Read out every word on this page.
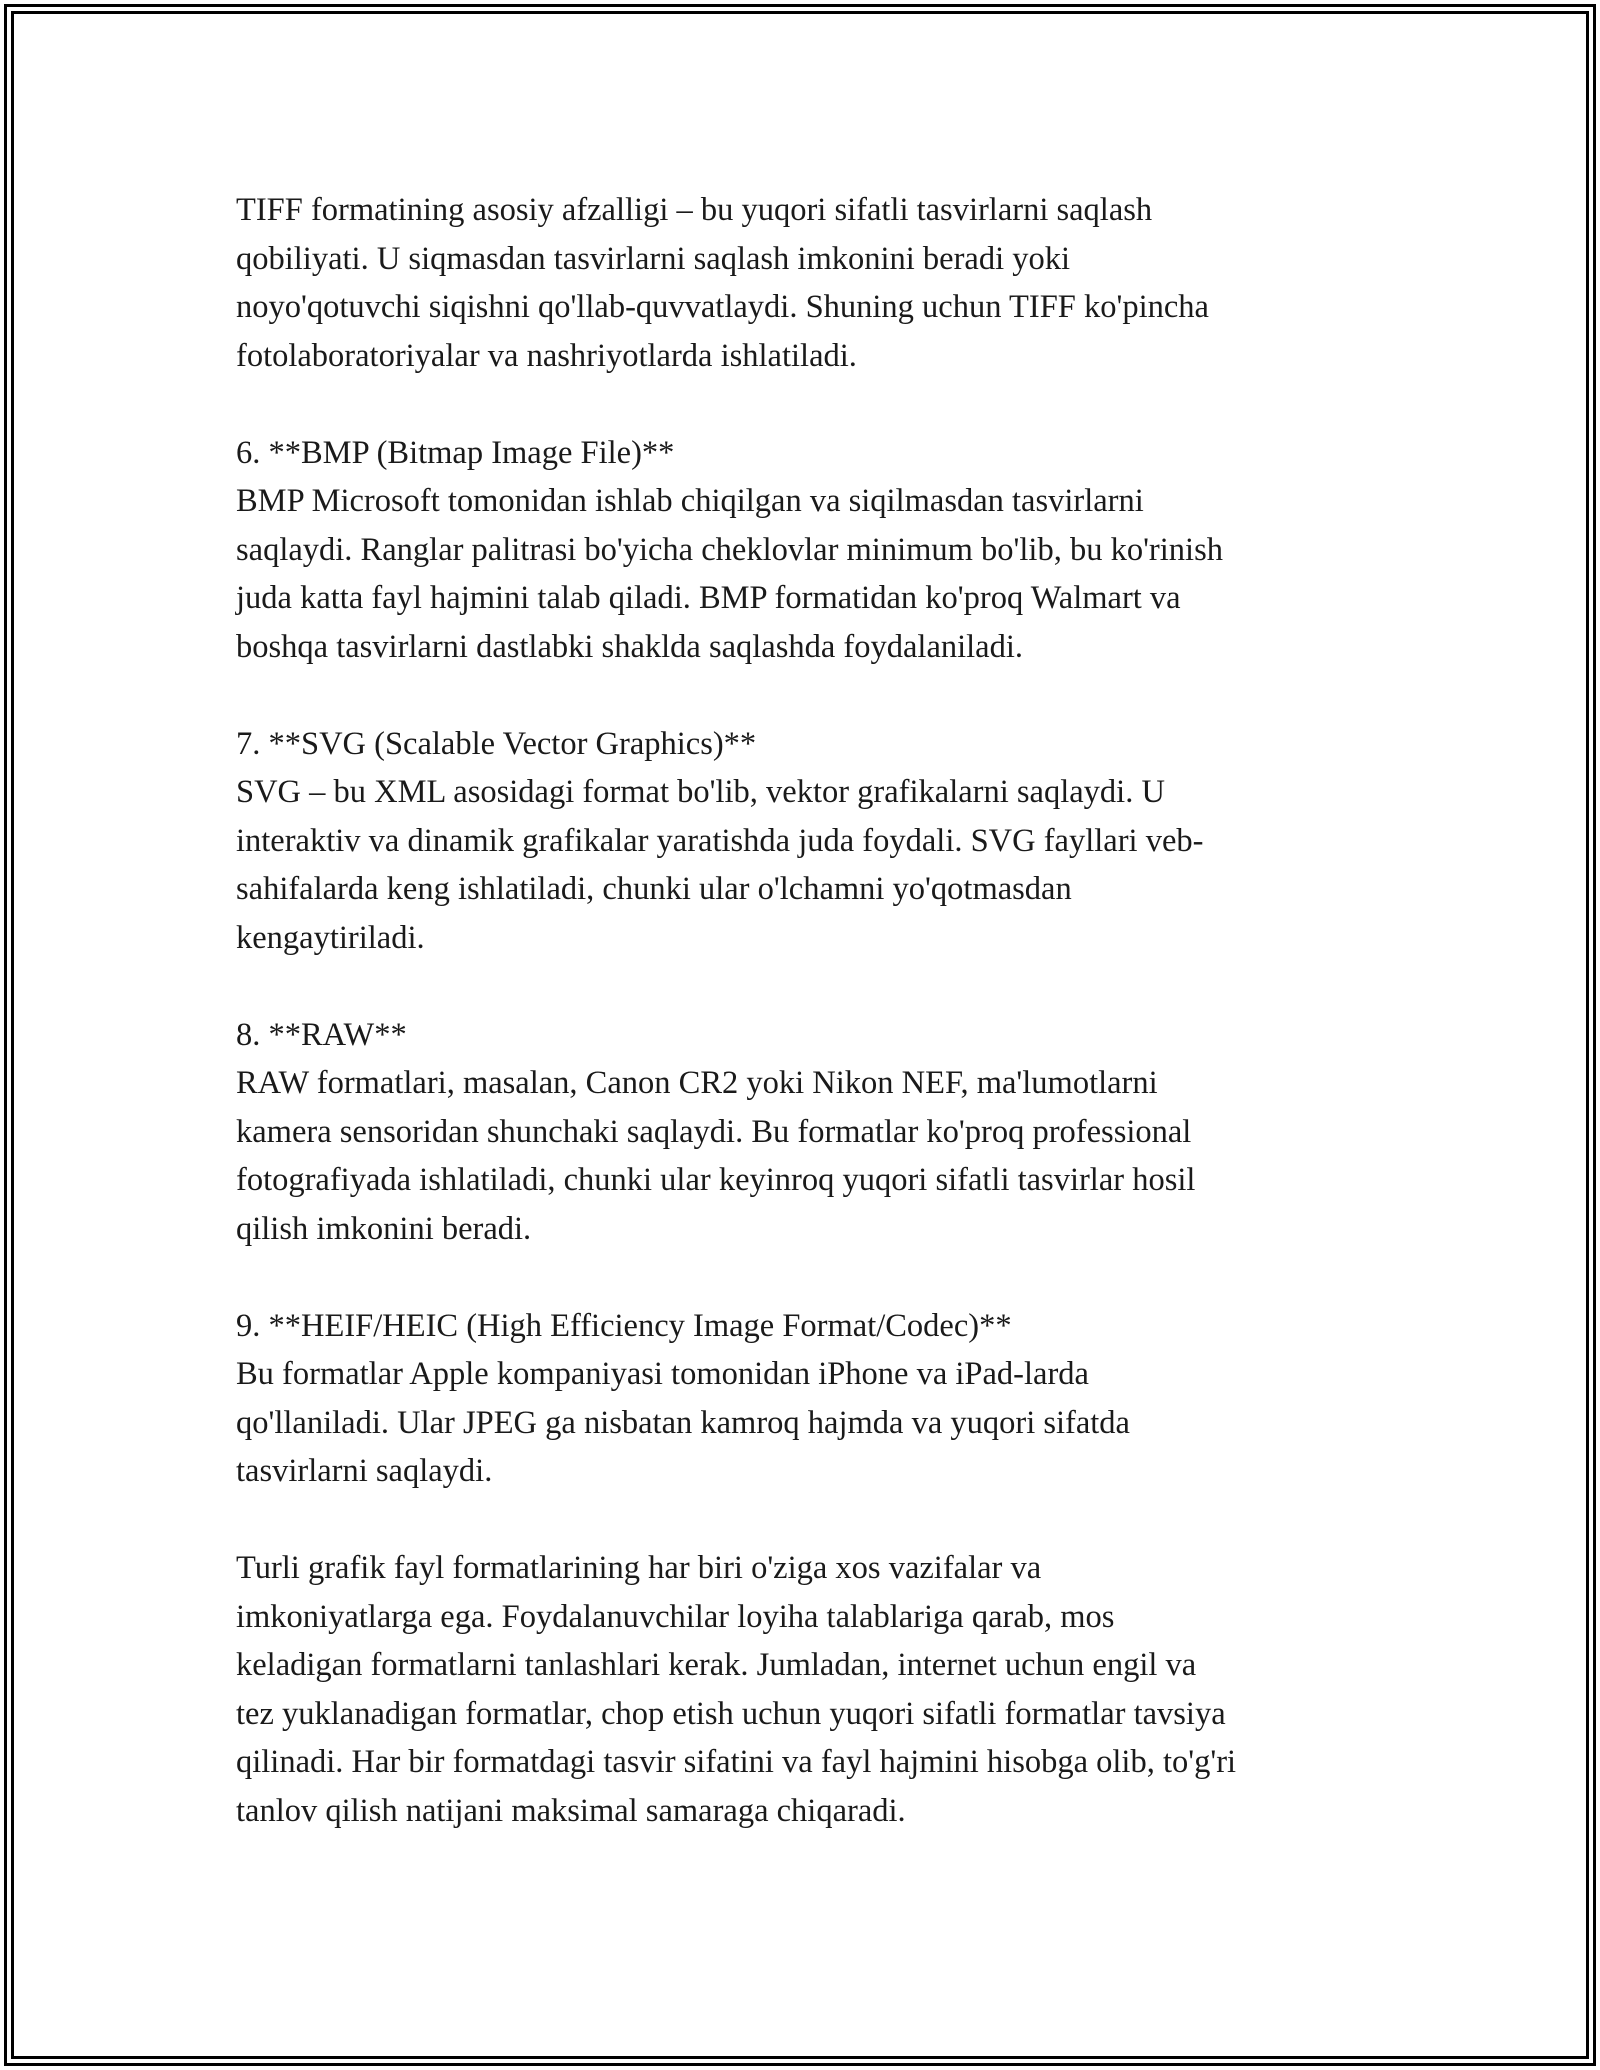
TIFF formatining asosiy afzalligi – bu yuqori sifatli tasvirlarni saqlash
qobiliyati. U siqmasdan tasvirlarni saqlash imkonini beradi yoki
noyo'qotuvchi siqishni qo'llab-quvvatlaydi. Shuning uchun TIFF ko'pincha
fotolaboratoriyalar va nashriyotlarda ishlatiladi.
6. **BMP (Bitmap Image File)**
BMP Microsoft tomonidan ishlab chiqilgan va siqilmasdan tasvirlarni
saqlaydi. Ranglar palitrasi bo'yicha cheklovlar minimum bo'lib, bu ko'rinish
juda katta fayl hajmini talab qiladi. BMP formatidan ko'proq Walmart va
boshqa tasvirlarni dastlabki shaklda saqlashda foydalaniladi.
7. **SVG (Scalable Vector Graphics)**
SVG – bu XML asosidagi format bo'lib, vektor grafikalarni saqlaydi. U
interaktiv va dinamik grafikalar yaratishda juda foydali. SVG fayllari veb-
sahifalarda keng ishlatiladi, chunki ular o'lchamni yo'qotmasdan
kengaytiriladi.
8. **RAW**
RAW formatlari, masalan, Canon CR2 yoki Nikon NEF, ma'lumotlarni
kamera sensoridan shunchaki saqlaydi. Bu formatlar ko'proq professional
fotografiyada ishlatiladi, chunki ular keyinroq yuqori sifatli tasvirlar hosil
qilish imkonini beradi.
9. **HEIF/HEIC (High Efficiency Image Format/Codec)**
Bu formatlar Apple kompaniyasi tomonidan iPhone va iPad-larda
qo'llaniladi. Ular JPEG ga nisbatan kamroq hajmda va yuqori sifatda
tasvirlarni saqlaydi.
Turli grafik fayl formatlarining har biri o'ziga xos vazifalar va
imkoniyatlarga ega. Foydalanuvchilar loyiha talablariga qarab, mos
keladigan formatlarni tanlashlari kerak. Jumladan, internet uchun engil va
tez yuklanadigan formatlar, chop etish uchun yuqori sifatli formatlar tavsiya
qilinadi. Har bir formatdagi tasvir sifatini va fayl hajmini hisobga olib, to'g'ri
tanlov qilish natijani maksimal samaraga chiqaradi.
